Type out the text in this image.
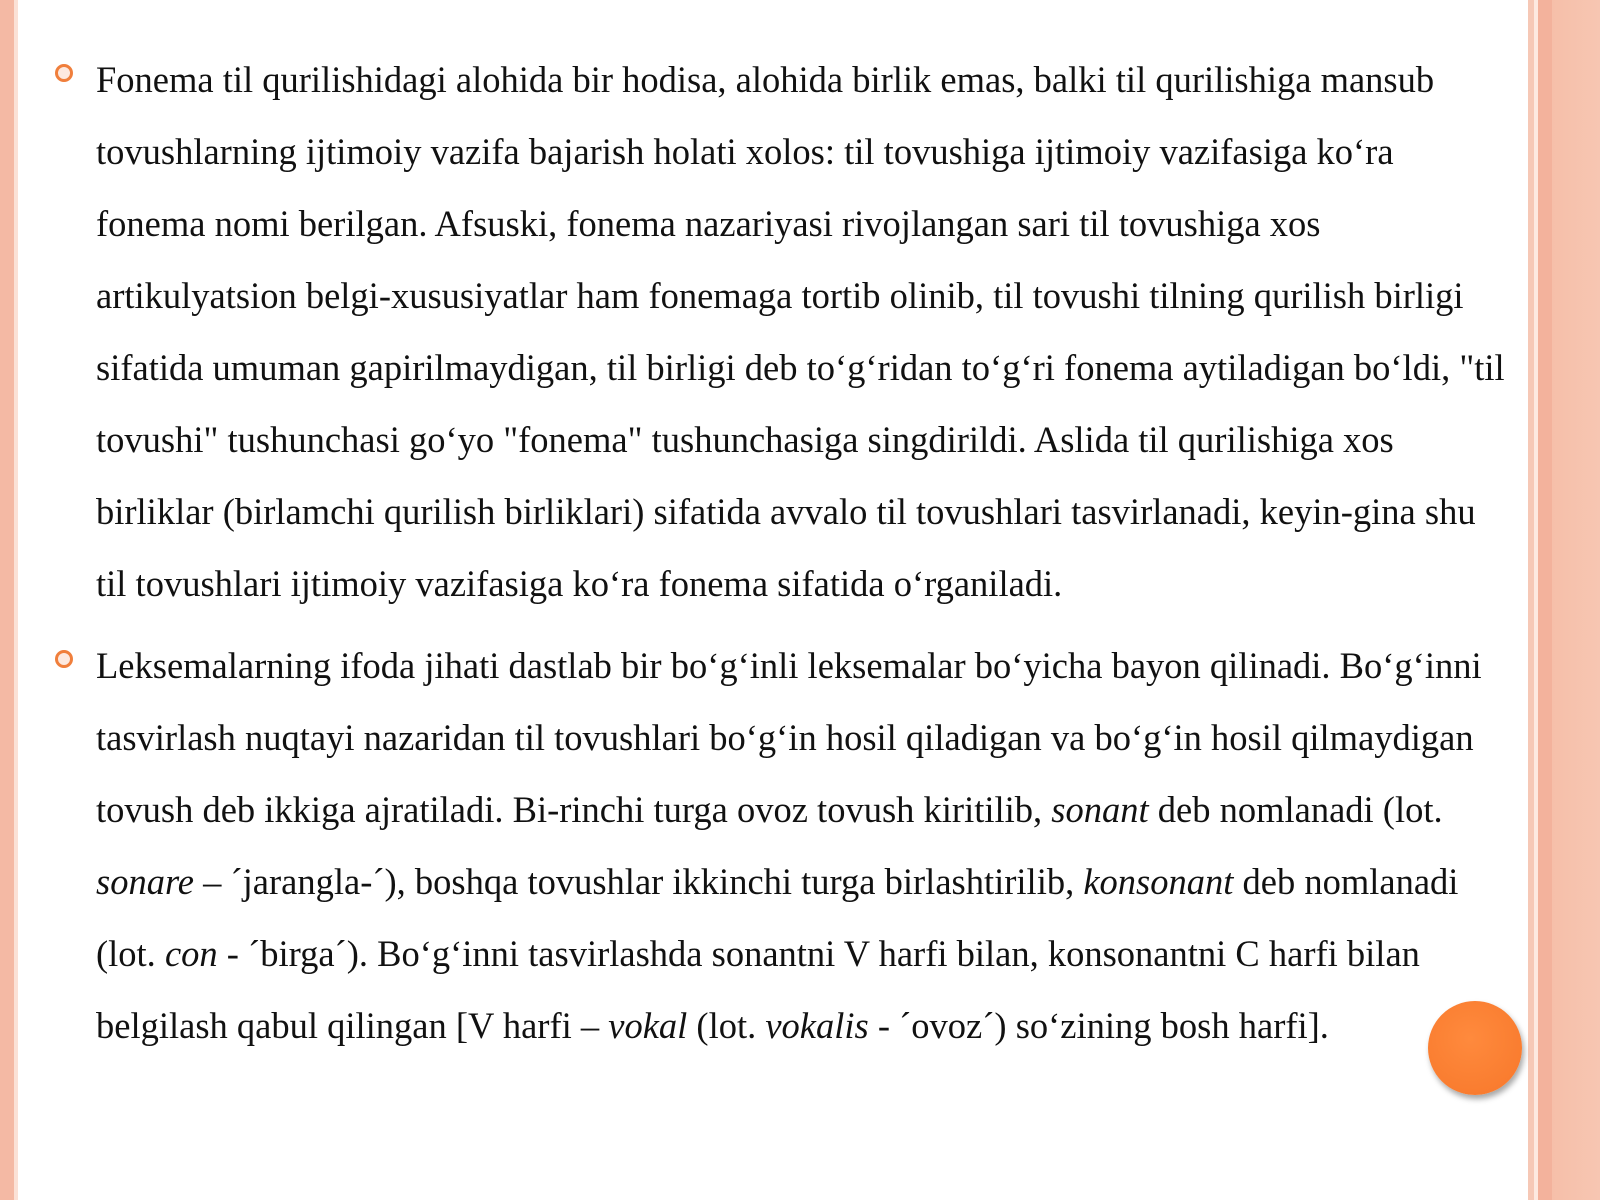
Fonema til qurilishidagi alohida bir hodisa, alohida birlik emas, balki til qurilishiga mansub tovushlarning ijtimoiy vazifa bajarish holati xolos: til tovushiga ijtimoiy vazifasiga ko‘ra fonema nomi berilgan. Afsuski, fonema nazariyasi rivojlangan sari til tovushiga xos artikulyatsion belgi-xususiyatlar ham fonemaga tortib olinib, til tovushi tilning qurilish birligi sifatida umuman gapirilmaydigan, til birligi deb to‘g‘ridan to‘g‘ri fonema aytiladigan bo‘ldi, "til tovushi" tushunchasi go‘yo "fonema" tushunchasiga singdirildi. Aslida til qurilishiga xos birliklar (birlamchi qurilish birliklari) sifatida avvalo til tovushlari tasvirlanadi, keyin-gina shu til tovushlari ijtimoiy vazifasiga ko‘ra fonema sifatida o‘rganiladi.
Leksemalarning ifoda jihati dastlab bir bo‘g‘inli leksemalar bo‘yicha bayon qilinadi. Bo‘g‘inni tasvirlash nuqtayi nazaridan til tovushlari bo‘g‘in hosil qiladigan va bo‘g‘in hosil qilmaydigan tovush deb ikkiga ajratiladi. Bi-rinchi turga ovoz tovush kiritilib, sonant deb nomlanadi (lot. sonare – ´jarangla-´), boshqa tovushlar ikkinchi turga birlashtirilib, konsonant deb nomlanadi (lot. con - ´birga´). Bo‘g‘inni tasvirlashda sonantni V harfi bilan, konsonantni C harfi bilan belgilash qabul qilingan [V harfi – vokal (lot. vokalis - ´ovoz´) so‘zining bosh harfi].
